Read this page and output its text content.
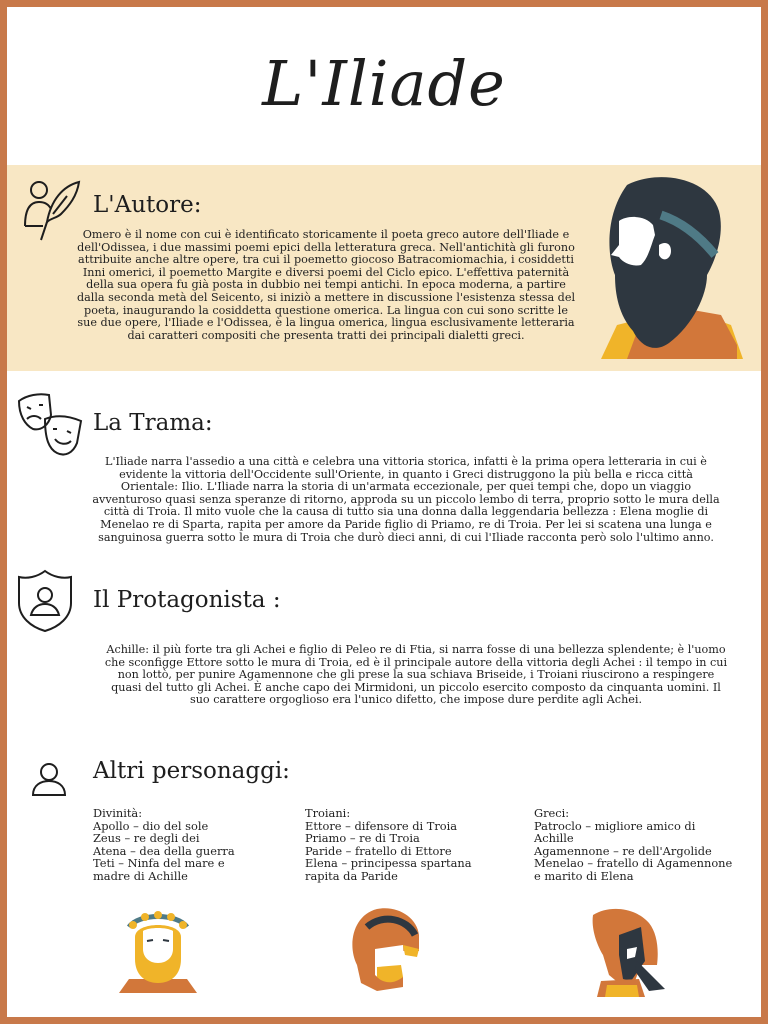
L'Iliade
L'Autore:

Omero è il nome con cui è identificato storicamente il poeta greco autore dell'Iliade e dell'Odissea, i due massimi poemi epici della letteratura greca. Nell'antichità gli furono attribuite anche altre opere, tra cui il poemetto giocoso Batracomiomachia, i cosiddetti Inni omerici, il poemetto Margite e diversi poemi del Ciclo epico. L'effettiva paternità della sua opera fu già posta in dubbio nei tempi antichi. In epoca moderna, a partire dalla seconda metà del Seicento, si iniziò a mettere in discussione l'esistenza stessa del poeta, inaugurando la cosiddetta questione omerica. La lingua con cui sono scritte le sue due opere, l'Iliade e l'Odissea, è la lingua omerica, lingua esclusivamente letteraria dai caratteri compositi che presenta tratti dei principali dialetti greci.

La Trama:

L'Iliade narra l'assedio a una città e celebra una vittoria storica, infatti è la prima opera letteraria in cui è evidente la vittoria dell'Occidente sull'Oriente, in quanto i Greci distruggono la più bella e ricca città Orientale: Ilio. L'Iliade narra la storia di un'armata eccezionale, per quei tempi che, dopo un viaggio avventuroso quasi senza speranze di ritorno, approda su un piccolo lembo di terra, proprio sotto le mura della città di Troia. Il mito vuole che la causa di tutto sia una donna dalla leggendaria bellezza : Elena moglie di Menelao re di Sparta, rapita per amore da Paride figlio di Priamo, re di Troia. Per lei si scatena una lunga e sanguinosa guerra sotto le mura di Troia che durò dieci anni, di cui l'Iliade racconta però solo l'ultimo anno.

Il Protagonista :

Achille: il più forte tra gli Achei e figlio di Peleo re di Ftia, si narra fosse di una bellezza splendente; è l'uomo che sconfigge Ettore sotto le mura di Troia, ed è il principale autore della vittoria degli Achei : il tempo in cui non lottò, per punire Agamennone che gli prese la sua schiava Briseide, i Troiani riuscirono a respingere quasi del tutto gli Achei. È anche capo dei Mirmidoni, un piccolo esercito composto da cinquanta uomini. Il suo carattere orgoglioso era l'unico difetto, che impose dure perdite agli Achei.

Altri personaggi:
Divinità:
Apollo – dio del sole
Zeus – re degli dei
Atena – dea della guerra
Teti – Ninfa del mare e
madre di Achille
Troiani:
Ettore – difensore di Troia
Priamo – re di Troia
Paride – fratello di Ettore
Elena – principessa spartana
rapita da Paride
Greci:
Patroclo – migliore amico di
Achille
Agamennone – re dell'Argolide
Menelao – fratello di Agamennone
e marito di Elena
